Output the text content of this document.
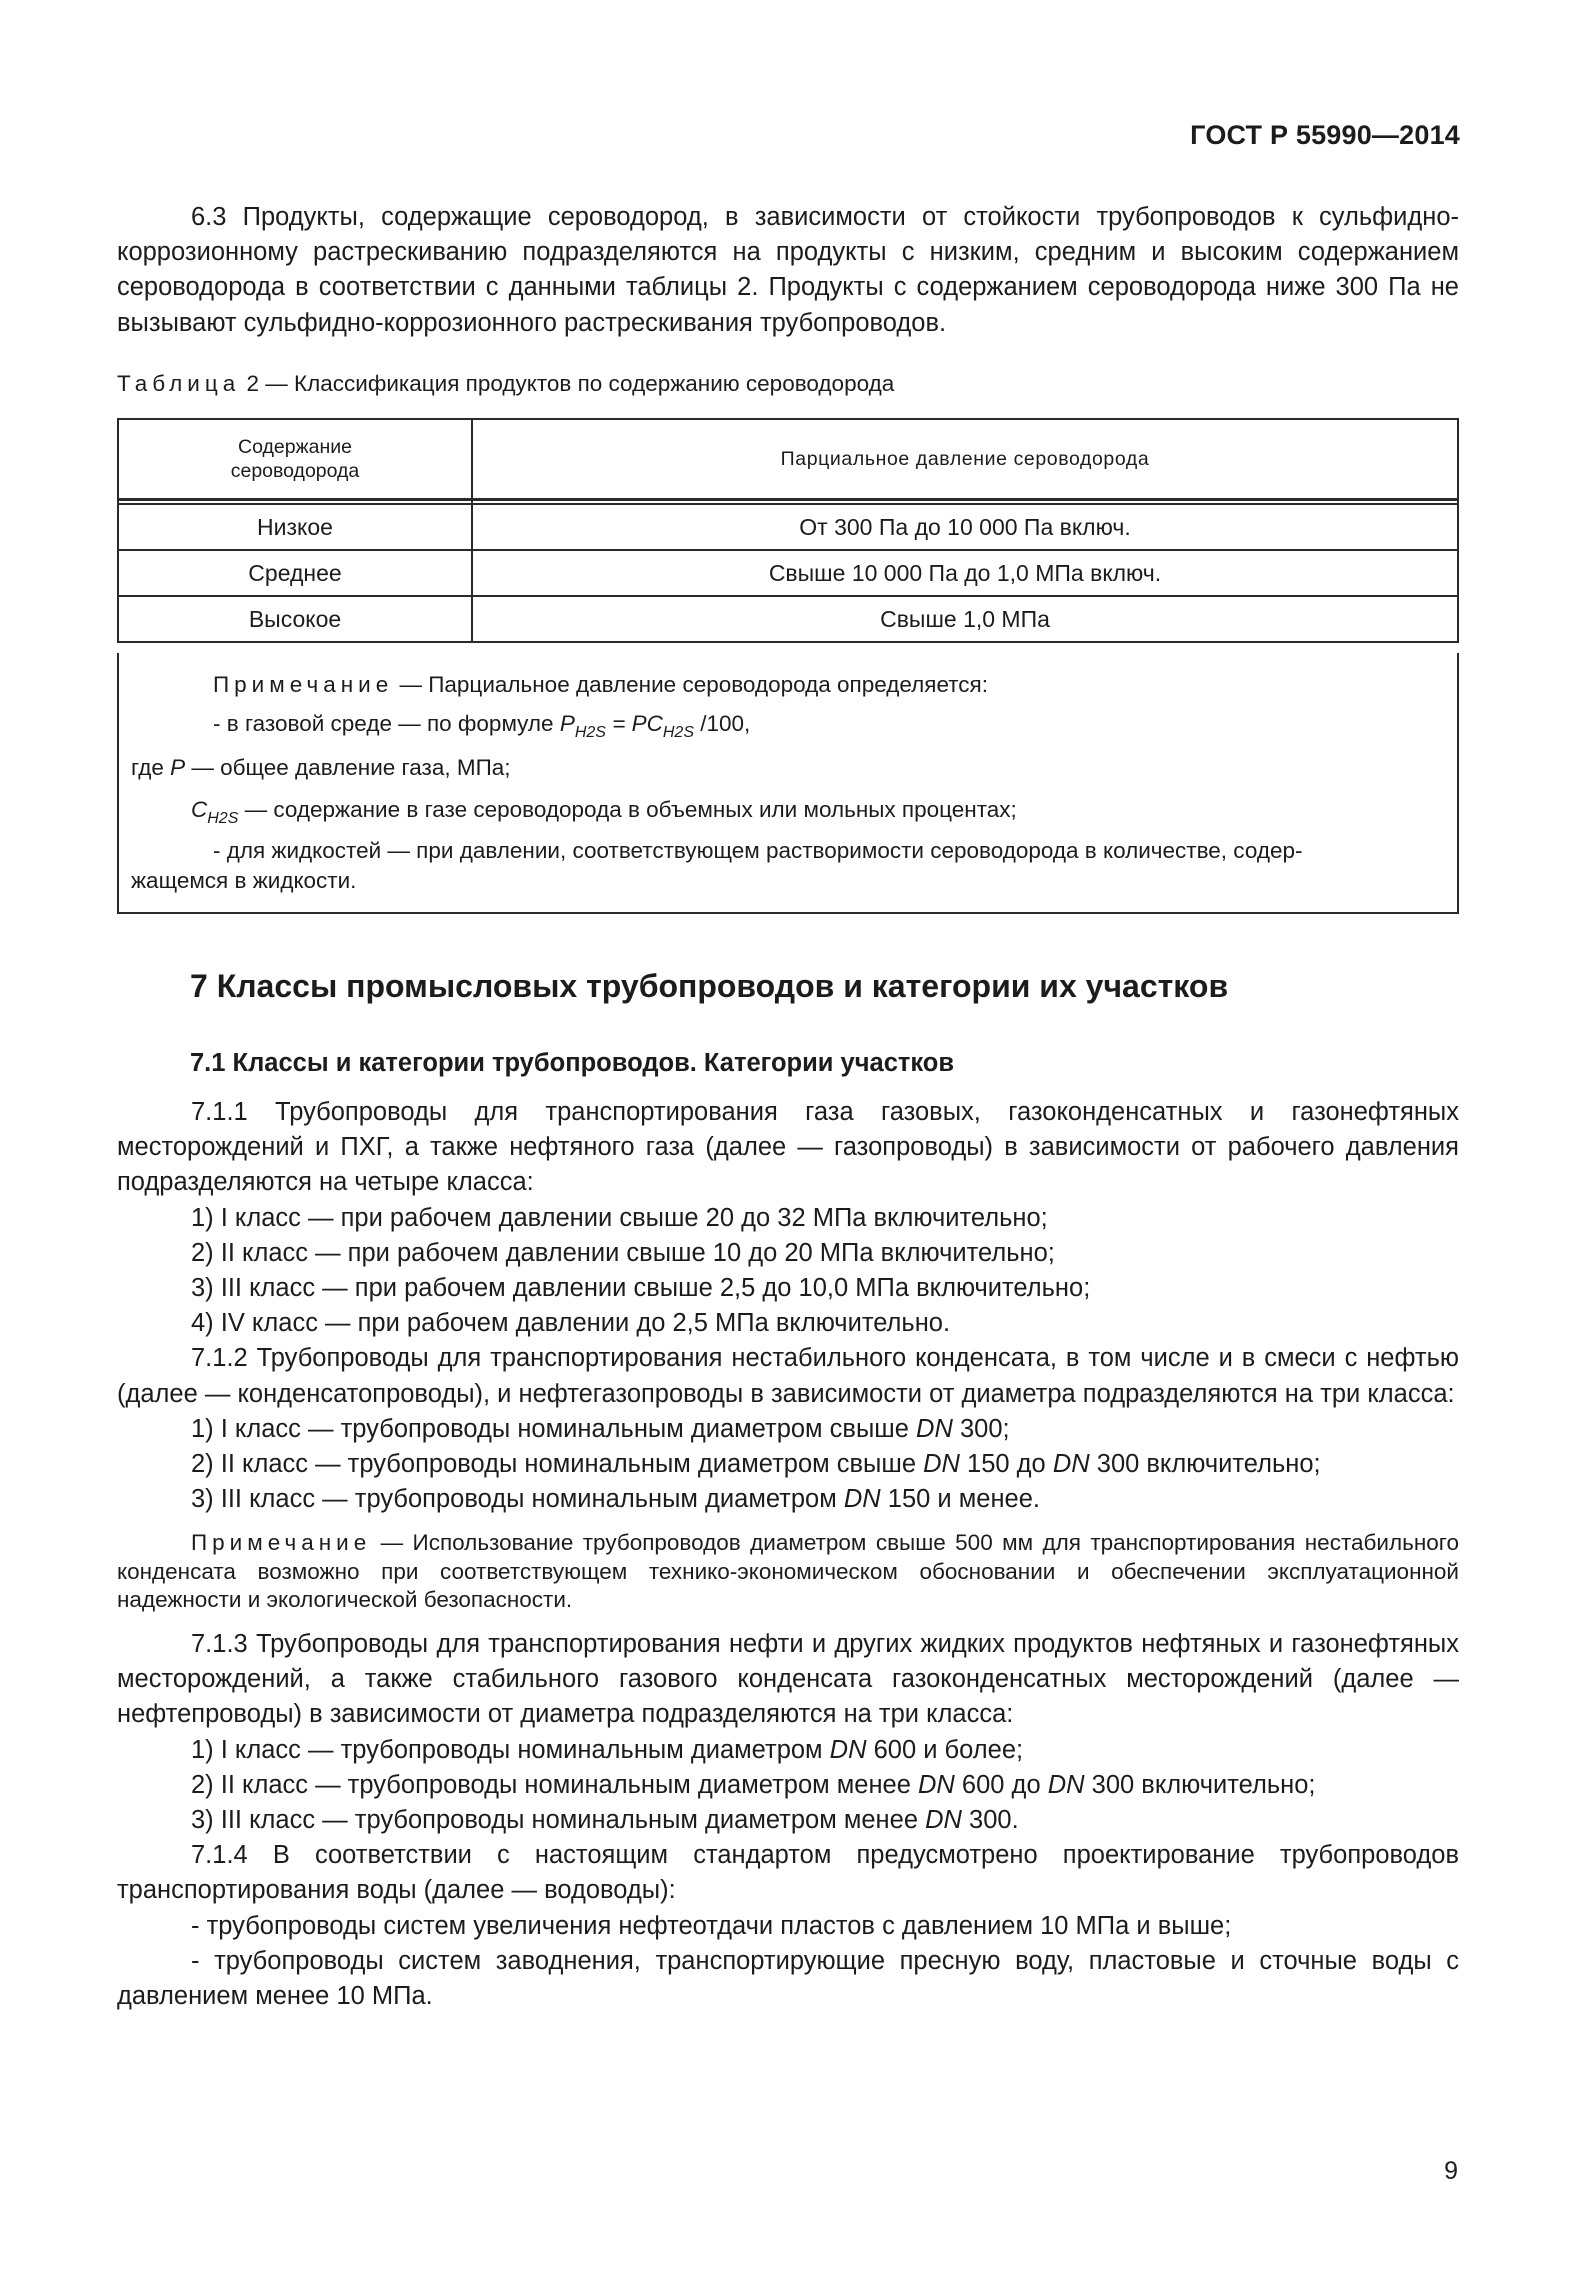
ГОСТ Р 55990—2014

6.3 Продукты, содержащие сероводород, в зависимости от стойкости трубопроводов к сульфидно-коррозионному растрескиванию подразделяются на продукты с низким, средним и высоким содержанием сероводорода в соответствии с данными таблицы 2. Продукты с содержанием сероводорода ниже 300 Па не вызывают сульфидно-коррозионного растрескивания трубопроводов.

Таблица 2 — Классификация продуктов по содержанию сероводорода
Содержание сероводорода	Парциальное давление сероводорода

Низкое	От 300 Па до 10 000 Па включ.
Среднее	Свыше 10 000 Па до 1,0 МПа включ.
Высокое	Свыше 1,0 МПа
Примечание — Парциальное давление сероводорода определяется:
- в газовой среде — по формуле $P_{H2S} = PC_{H2S}$ /100,
где P — общее давление газа, МПа;
$C_{H2S}$ — содержание в газе сероводорода в объемных или мольных процентах;
- для жидкостей — при давлении, соответствующем растворимости сероводорода в количестве, содер-
жащемся в жидкости.
7 Классы промысловых трубопроводов и категории их участков
7.1 Классы и категории трубопроводов. Категории участков

7.1.1 Трубопроводы для транспортирования газа газовых, газоконденсатных и газонефтяных месторождений и ПХГ, а также нефтяного газа (далее — газопроводы) в зависимости от рабочего давления подразделяются на четыре класса:

1) I класс — при рабочем давлении свыше 20 до 32 МПа включительно;

2) II класс — при рабочем давлении свыше 10 до 20 МПа включительно;

3) III класс — при рабочем давлении свыше 2,5 до 10,0 МПа включительно;

4) IV класс — при рабочем давлении до 2,5 МПа включительно.

7.1.2 Трубопроводы для транспортирования нестабильного конденсата, в том числе и в смеси с нефтью (далее — конденсатопроводы), и нефтегазопроводы в зависимости от диаметра подразделяются на три класса:

1) I класс — трубопроводы номинальным диаметром свыше DN 300;

2) II класс — трубопроводы номинальным диаметром свыше DN 150 до DN 300 включительно;

3) III класс — трубопроводы номинальным диаметром DN 150 и менее.

Примечание — Использование трубопроводов диаметром свыше 500 мм для транспортирования нестабильного конденсата возможно при соответствующем технико-экономическом обосновании и обеспечении эксплуатационной надежности и экологической безопасности.

7.1.3 Трубопроводы для транспортирования нефти и других жидких продуктов нефтяных и газонефтяных месторождений, а также стабильного газового конденсата газоконденсатных месторождений (далее — нефтепроводы) в зависимости от диаметра подразделяются на три класса:

1) I класс — трубопроводы номинальным диаметром DN 600 и более;

2) II класс — трубопроводы номинальным диаметром менее DN 600 до DN 300 включительно;

3) III класс — трубопроводы номинальным диаметром менее DN 300.

7.1.4 В соответствии с настоящим стандартом предусмотрено проектирование трубопроводов транспортирования воды (далее — водоводы):

- трубопроводы систем увеличения нефтеотдачи пластов с давлением 10 МПа и выше;

- трубопроводы систем заводнения, транспортирующие пресную воду, пластовые и сточные воды с давлением менее 10 МПа.

9
